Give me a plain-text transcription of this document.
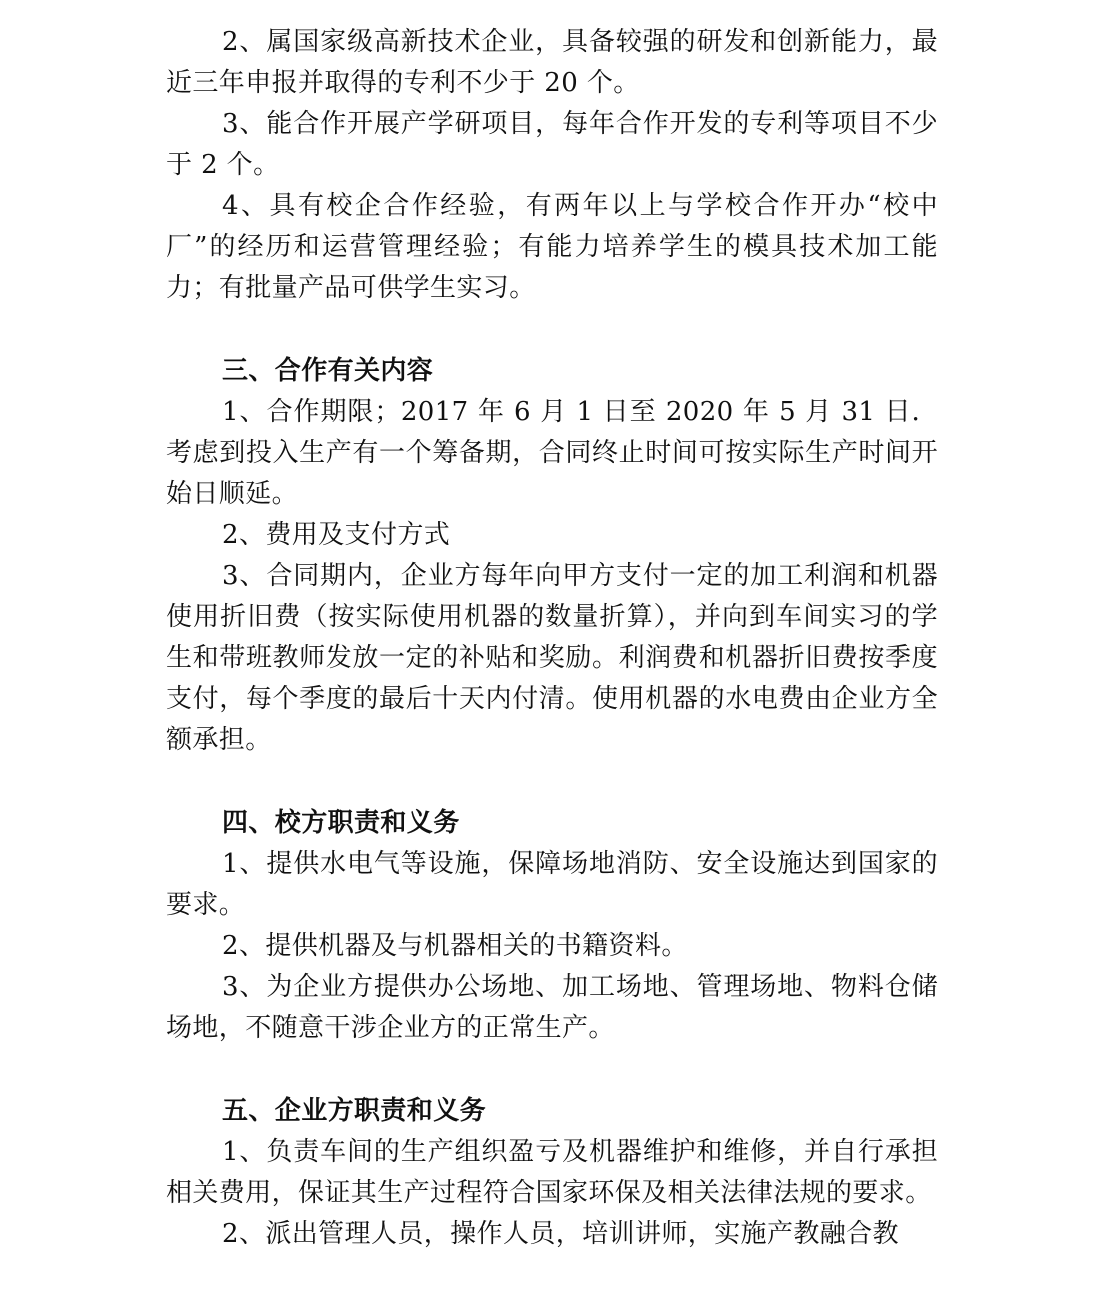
2、属国家级高新技术企业，具备较强的研发和创新能力，最近三年申报并取得的专利不少于 20 个。

3、能合作开展产学研项目，每年合作开发的专利等项目不少于 2 个。

4、具有校企合作经验，有两年以上与学校合作开办“校中厂”的经历和运营管理经验；有能力培养学生的模具技术加工能力；有批量产品可供学生实习。

三、合作有关内容

1、合作期限；2017 年 6 月 1 日至 2020 年 5 月 31 日．考虑到投入生产有一个筹备期，合同终止时间可按实际生产时间开始日顺延。

2、费用及支付方式

3、合同期内，企业方每年向甲方支付一定的加工利润和机器使用折旧费（按实际使用机器的数量折算），并向到车间实习的学生和带班教师发放一定的补贴和奖励。利润费和机器折旧费按季度支付，每个季度的最后十天内付清。使用机器的水电费由企业方全额承担。

四、校方职责和义务

1、提供水电气等设施，保障场地消防、安全设施达到国家的要求。

2、提供机器及与机器相关的书籍资料。

3、为企业方提供办公场地、加工场地、管理场地、物料仓储场地，不随意干涉企业方的正常生产。

五、企业方职责和义务

1、负责车间的生产组织盈亏及机器维护和维修，并自行承担相关费用，保证其生产过程符合国家环保及相关法律法规的要求。

2、派出管理人员，操作人员，培训讲师，实施产教融合教
